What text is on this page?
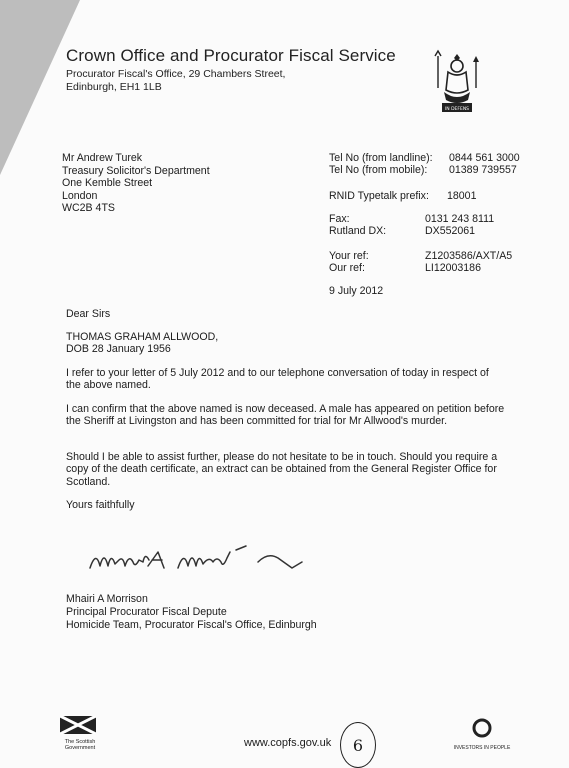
Crown Office and Procurator Fiscal Service
Procurator Fiscal's Office, 29 Chambers Street,
Edinburgh, EH1 1LB
IN DEFENS
Mr Andrew Turek
Treasury Solicitor's Department
One Kemble Street
London
WC2B 4TS
Tel No (from landline): 0844 561 3000
Tel No (from mobile): 01389 739557
RNID Typetalk prefix: 18001
Fax:	0131 243 8111
Rutland DX:	DX552061
Your ref:	Z1203586/AXT/A5
Our ref:	LI12003186
9 July 2012
Dear Sirs
THOMAS GRAHAM ALLWOOD,
DOB 28 January 1956
I refer to your letter of 5 July 2012 and to our telephone conversation of today in respect of the above named.
I can confirm that the above named is now deceased. A male has appeared on petition before the Sheriff at Livingston and has been committed for trial for Mr Allwood's murder.
Should I be able to assist further, please do not hesitate to be in touch. Should you require a copy of the death certificate, an extract can be obtained from the General Register Office for Scotland.
Yours faithfully
Mhairi A Morrison
Principal Procurator Fiscal Depute
Homicide Team, Procurator Fiscal's Office, Edinburgh
The Scottish Government	www.copfs.gov.uk	6	INVESTORS IN PEOPLE
